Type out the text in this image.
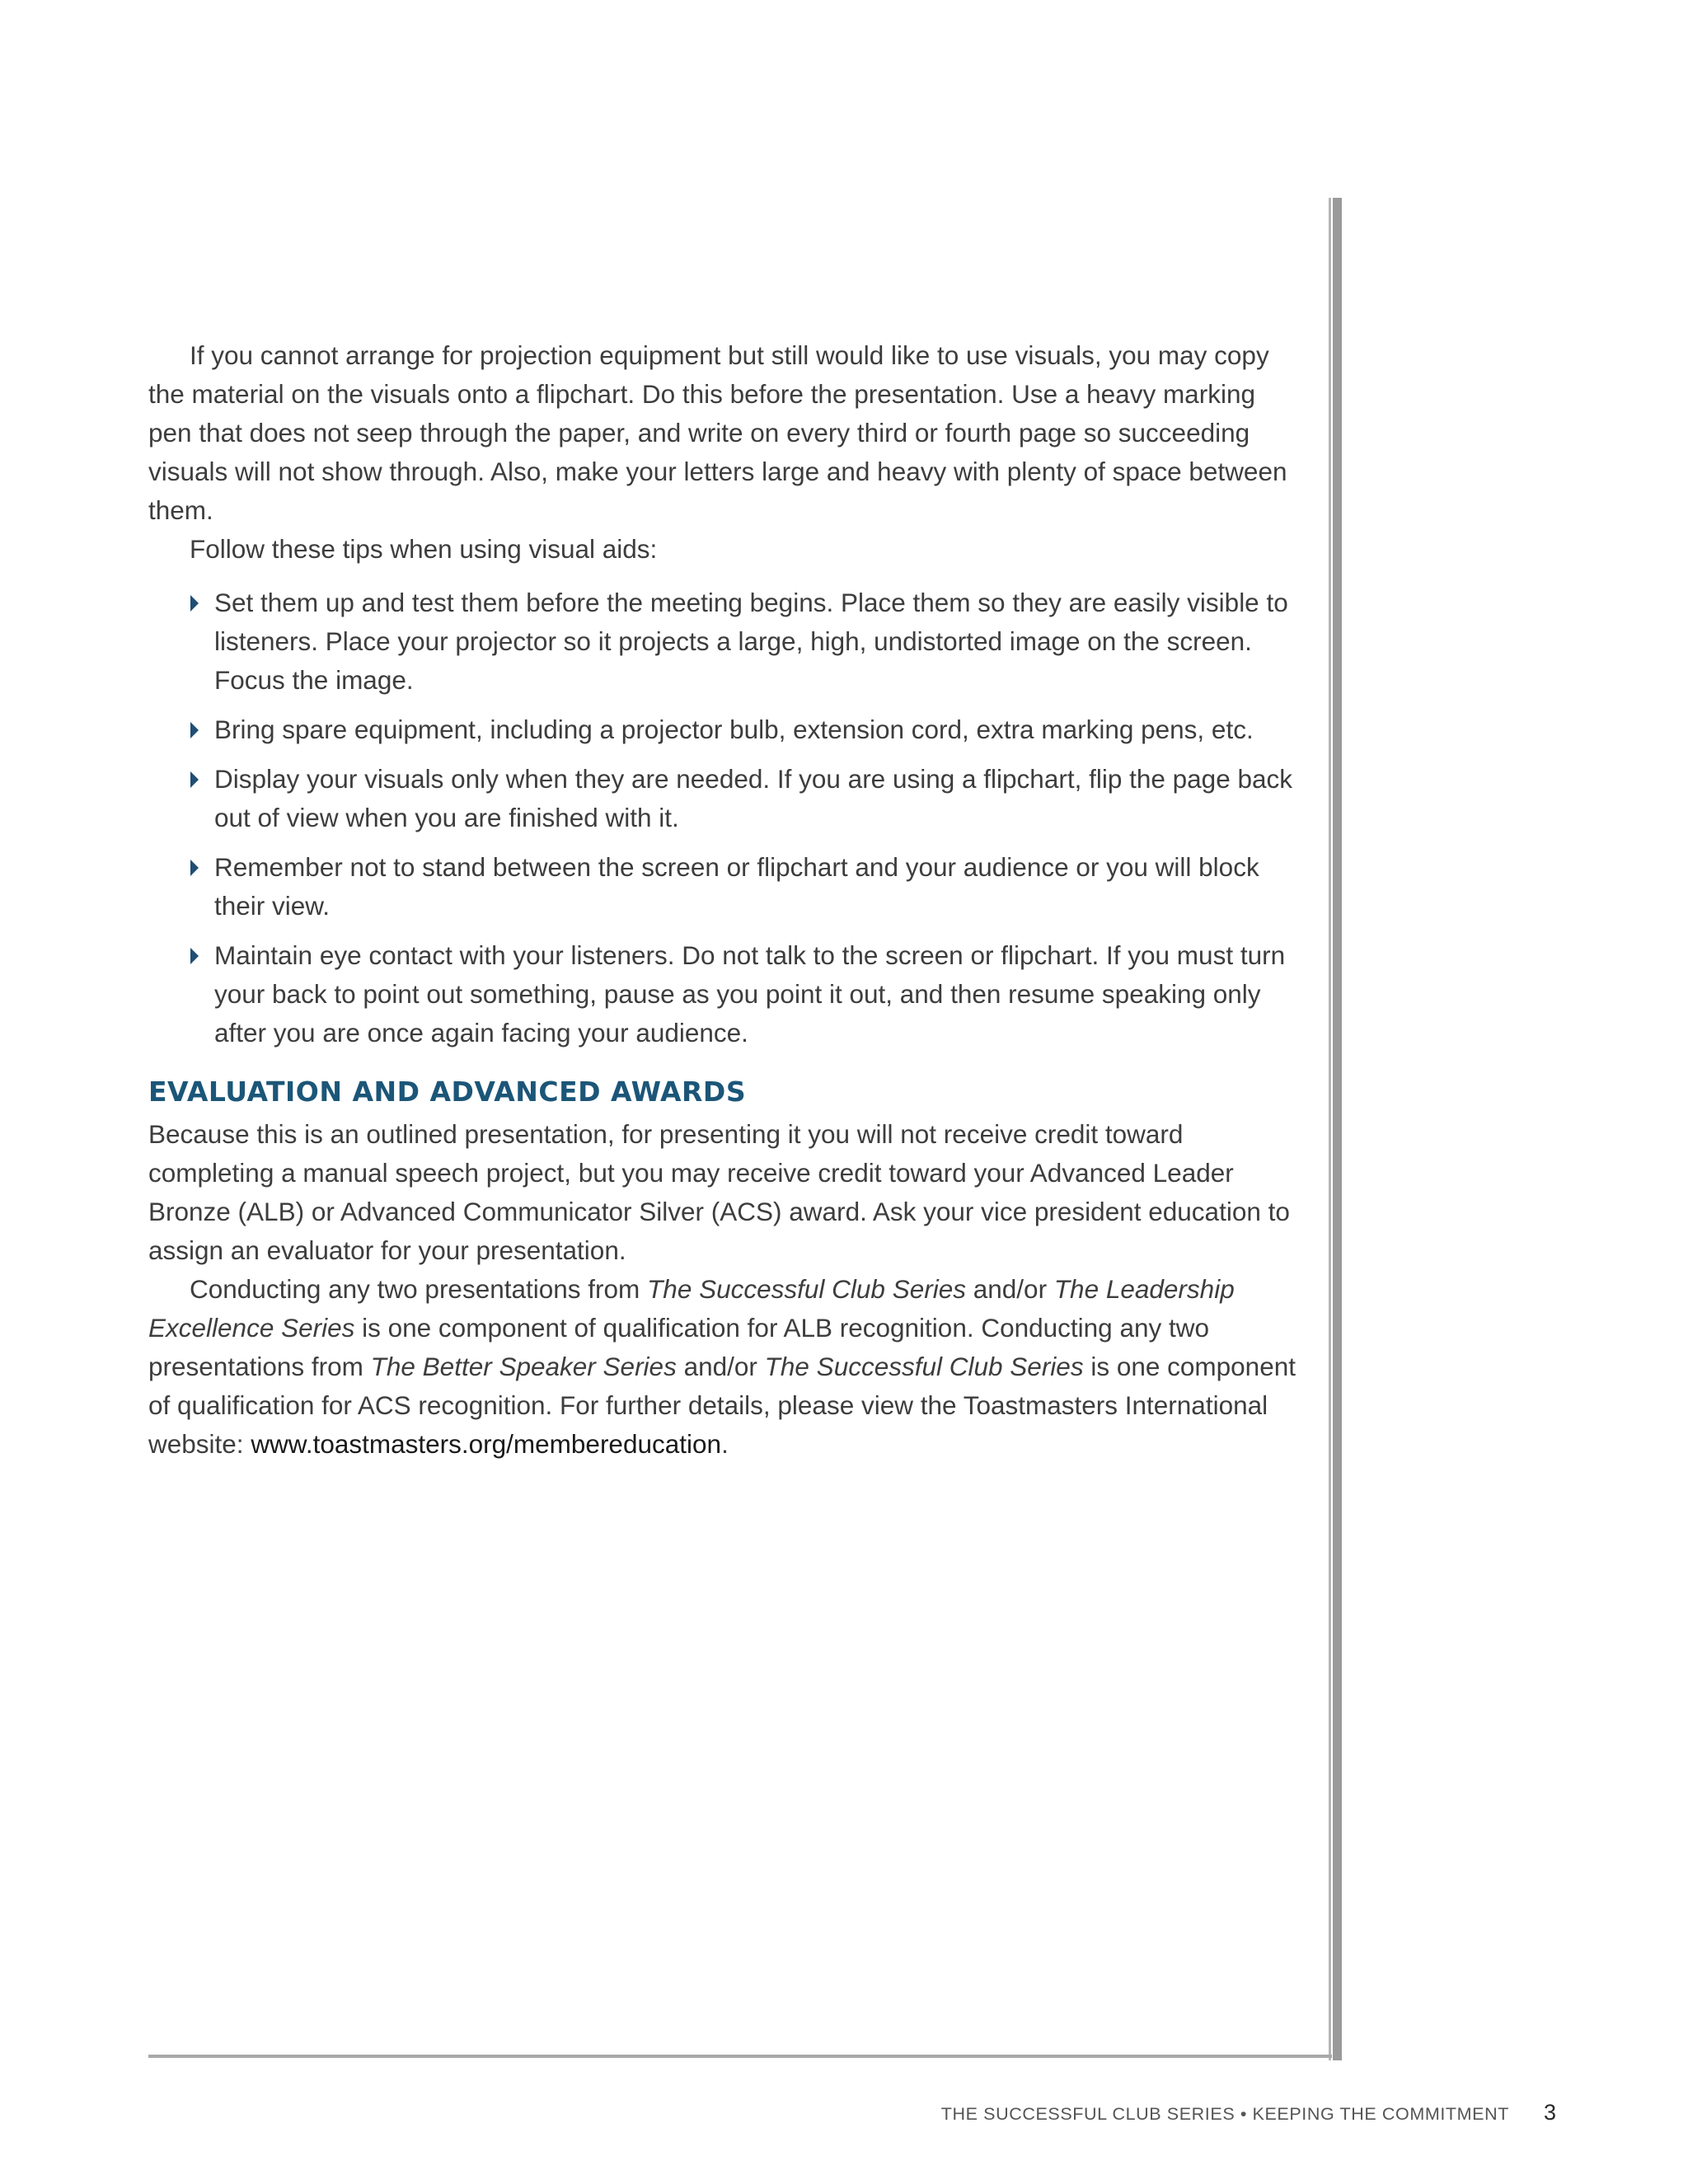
If you cannot arrange for projection equipment but still would like to use visuals, you may copy the material on the visuals onto a flipchart. Do this before the presentation. Use a heavy marking pen that does not seep through the paper, and write on every third or fourth page so succeeding visuals will not show through. Also, make your letters large and heavy with plenty of space between them.

Follow these tips when using visual aids:

Set them up and test them before the meeting begins. Place them so they are easily visible to listeners. Place your projector so it projects a large, high, undistorted image on the screen. Focus the image.
Bring spare equipment, including a projector bulb, extension cord, extra marking pens, etc.
Display your visuals only when they are needed. If you are using a flipchart, flip the page back out of view when you are finished with it.
Remember not to stand between the screen or flipchart and your audience or you will block their view.
Maintain eye contact with your listeners. Do not talk to the screen or flipchart. If you must turn your back to point out something, pause as you point it out, and then resume speaking only after you are once again facing your audience.
EVALUATION AND ADVANCED AWARDS

Because this is an outlined presentation, for presenting it you will not receive credit toward completing a manual speech project, but you may receive credit toward your Advanced Leader Bronze (ALB) or Advanced Communicator Silver (ACS) award. Ask your vice president education to assign an evaluator for your presentation.

Conducting any two presentations from The Successful Club Series and/or The Leadership Excellence Series is one component of qualification for ALB recognition. Conducting any two presentations from The Better Speaker Series and/or The Successful Club Series is one component of qualification for ACS recognition. For further details, please view the Toastmasters International website: www.toastmasters.org/membereducation.

THE SUCCESSFUL CLUB SERIES • KEEPING THE COMMITMENT 3
